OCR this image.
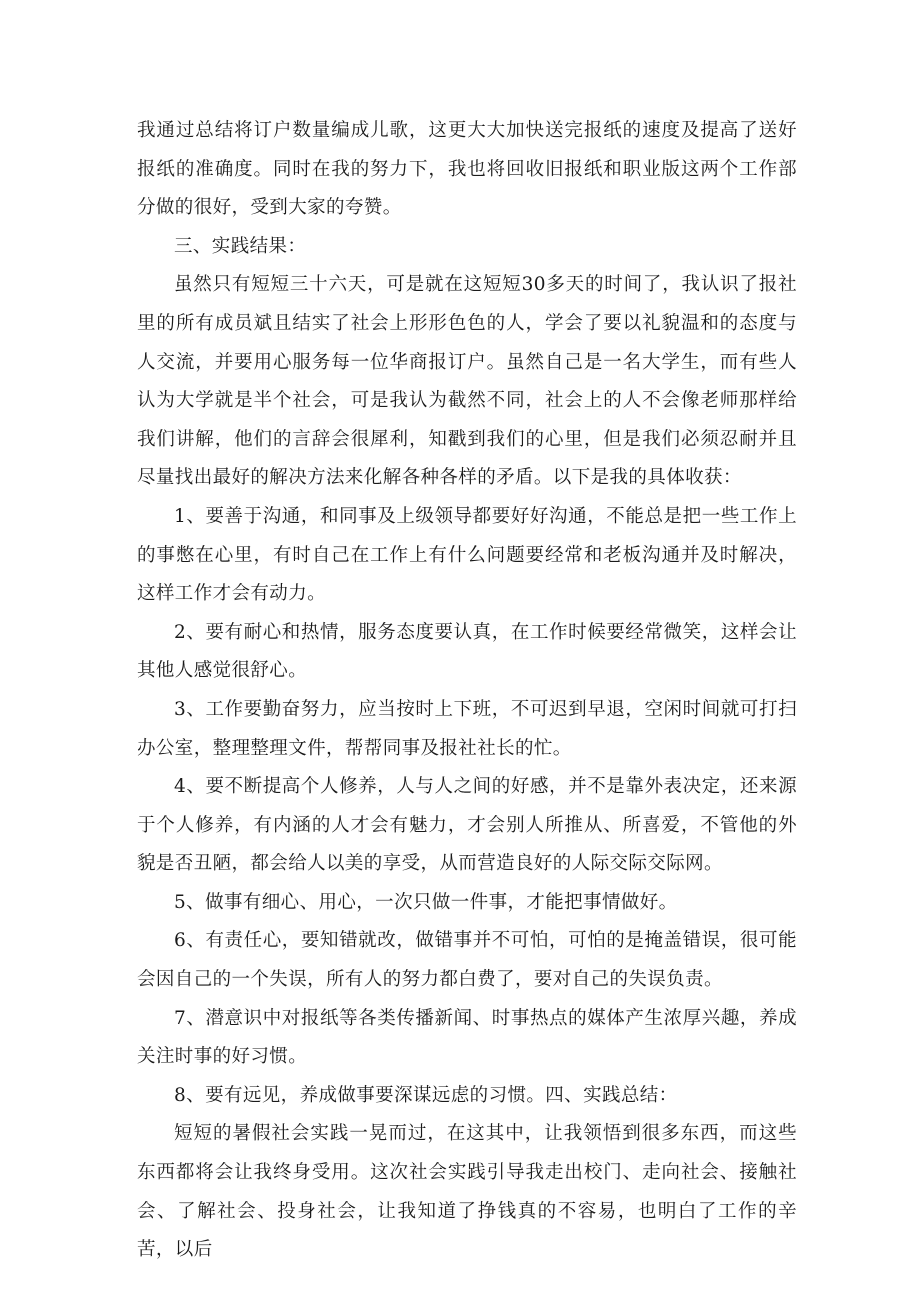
我通过总结将订户数量编成儿歌，这更大大加快送完报纸的速度及提高了送好报纸的准确度。同时在我的努力下，我也将回收旧报纸和职业版这两个工作部分做的很好，受到大家的夸赞。

三、实践结果：

虽然只有短短三十六天，可是就在这短短30多天的时间了，我认识了报社里的所有成员斌且结实了社会上形形色色的人，学会了要以礼貌温和的态度与人交流，并要用心服务每一位华商报订户。虽然自己是一名大学生，而有些人认为大学就是半个社会，可是我认为截然不同，社会上的人不会像老师那样给我们讲解，他们的言辞会很犀利，知戳到我们的心里，但是我们必须忍耐并且尽量找出最好的解决方法来化解各种各样的矛盾。以下是我的具体收获：

1、要善于沟通，和同事及上级领导都要好好沟通，不能总是把一些工作上的事憋在心里，有时自己在工作上有什么问题要经常和老板沟通并及时解决，这样工作才会有动力。

2、要有耐心和热情，服务态度要认真，在工作时候要经常微笑，这样会让其他人感觉很舒心。

3、工作要勤奋努力，应当按时上下班，不可迟到早退，空闲时间就可打扫办公室，整理整理文件，帮帮同事及报社社长的忙。

4、要不断提高个人修养，人与人之间的好感，并不是靠外表决定，还来源于个人修养，有内涵的人才会有魅力，才会别人所推从、所喜爱，不管他的外貌是否丑陋，都会给人以美的享受，从而营造良好的人际交际交际网。

5、做事有细心、用心，一次只做一件事，才能把事情做好。

6、有责任心，要知错就改，做错事并不可怕，可怕的是掩盖错误，很可能会因自己的一个失误，所有人的努力都白费了，要对自己的失误负责。

7、潜意识中对报纸等各类传播新闻、时事热点的媒体产生浓厚兴趣，养成关注时事的好习惯。

8、要有远见，养成做事要深谋远虑的习惯。四、实践总结：

短短的暑假社会实践一晃而过，在这其中，让我领悟到很多东西，而这些东西都将会让我终身受用。这次社会实践引导我走出校门、走向社会、接触社会、了解社会、投身社会，让我知道了挣钱真的不容易，也明白了工作的辛苦，以后
